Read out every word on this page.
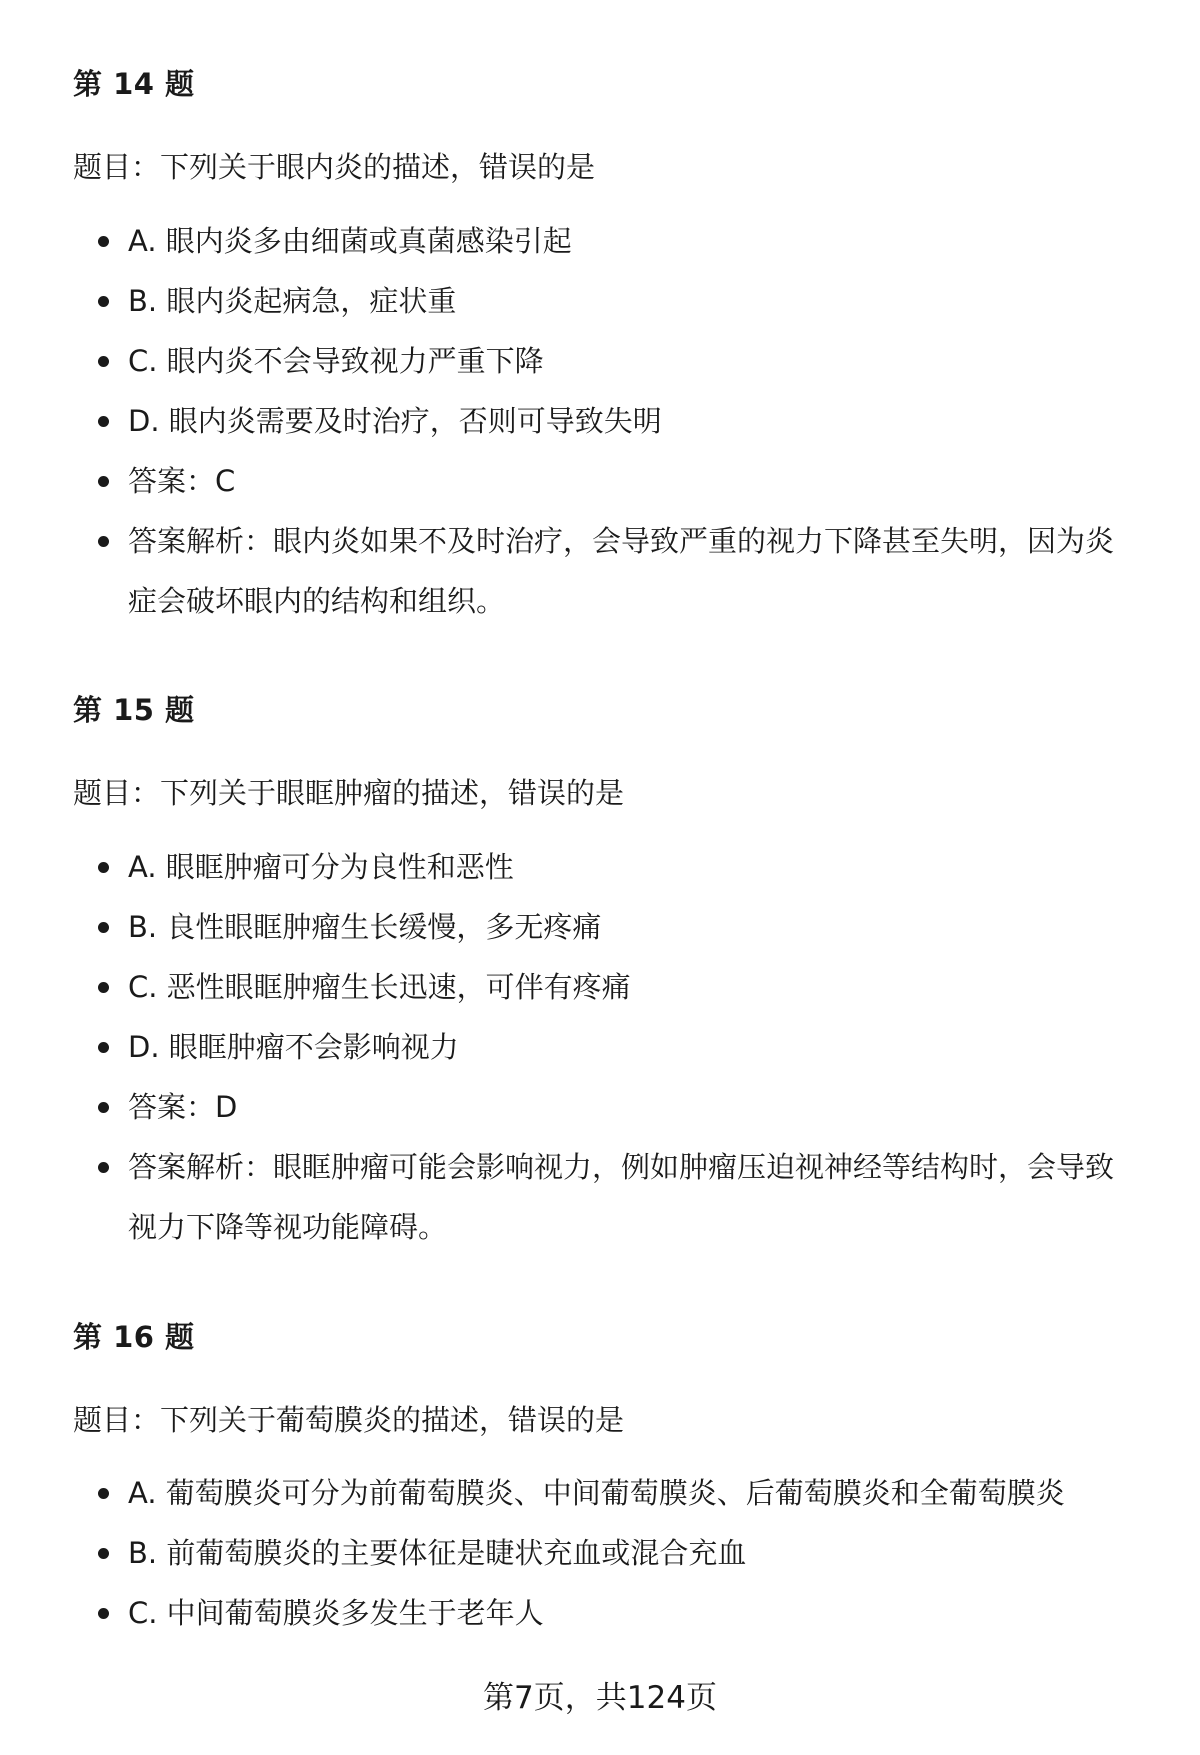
第 14 题
题目：下列关于眼内炎的描述，错误的是
A. 眼内炎多由细菌或真菌感染引起
B. 眼内炎起病急，症状重
C. 眼内炎不会导致视力严重下降
D. 眼内炎需要及时治疗，否则可导致失明
答案：C
答案解析：眼内炎如果不及时治疗，会导致严重的视力下降甚至失明，因为炎症会破坏眼内的结构和组织。
第 15 题
题目：下列关于眼眶肿瘤的描述，错误的是
A. 眼眶肿瘤可分为良性和恶性
B. 良性眼眶肿瘤生长缓慢，多无疼痛
C. 恶性眼眶肿瘤生长迅速，可伴有疼痛
D. 眼眶肿瘤不会影响视力
答案：D
答案解析：眼眶肿瘤可能会影响视力，例如肿瘤压迫视神经等结构时，会导致视力下降等视功能障碍。
第 16 题
题目：下列关于葡萄膜炎的描述，错误的是
A. 葡萄膜炎可分为前葡萄膜炎、中间葡萄膜炎、后葡萄膜炎和全葡萄膜炎
B. 前葡萄膜炎的主要体征是睫状充血或混合充血
C. 中间葡萄膜炎多发生于老年人
第7页，共124页
